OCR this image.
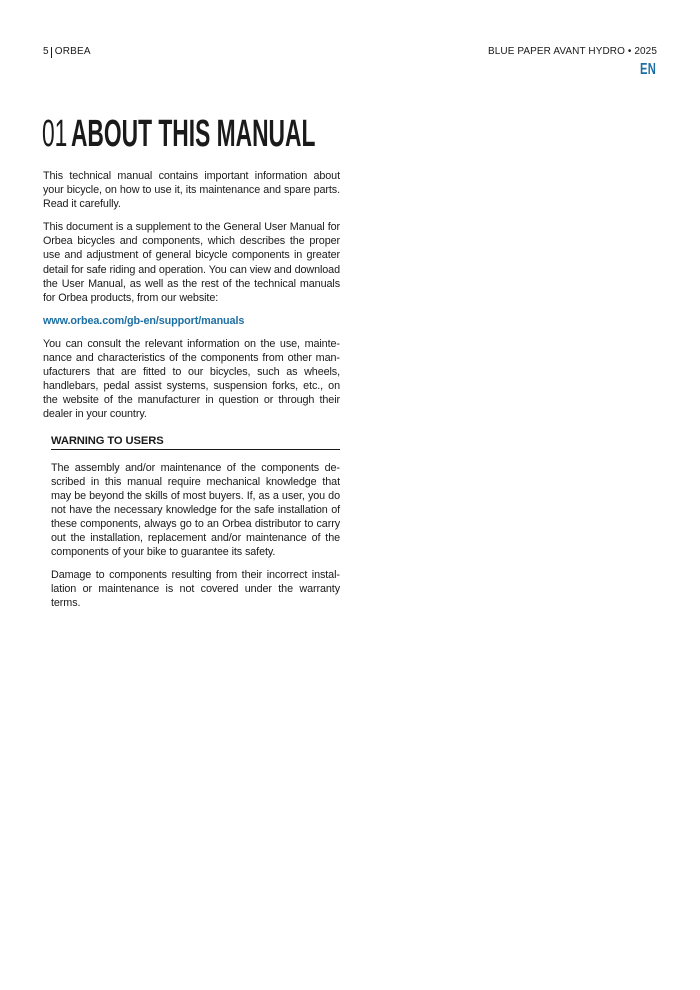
5 ORBEA	BLUE PAPER AVANT HYDRO • 2025
EN
01 ABOUT THIS MANUAL

This technical manual contains important information about your bicycle, on how to use it, its maintenance and spare parts. Read it carefully.

This document is a supplement to the General User Manual for Orbea bicycles and components, which describes the proper use and adjustment of general bicycle components in greater detail for safe riding and operation. You can view and download the User Manual, as well as the rest of the technical manuals for Orbea products, from our website:

www.orbea.com/gb-en/support/manuals

You can consult the relevant information on the use, maintenance and characteristics of the components from other manufacturers that are fitted to our bicycles, such as wheels, handlebars, pedal assist systems, suspension forks, etc., on the website of the manufacturer in question or through their dealer in your country.

WARNING TO USERS

The assembly and/or maintenance of the components described in this manual require mechanical knowledge that may be beyond the skills of most buyers. If, as a user, you do not have the necessary knowledge for the safe installation of these components, always go to an Orbea distributor to carry out the installation, replacement and/or maintenance of the components of your bike to guarantee its safety.

Damage to components resulting from their incorrect installation or maintenance is not covered under the warranty terms.
